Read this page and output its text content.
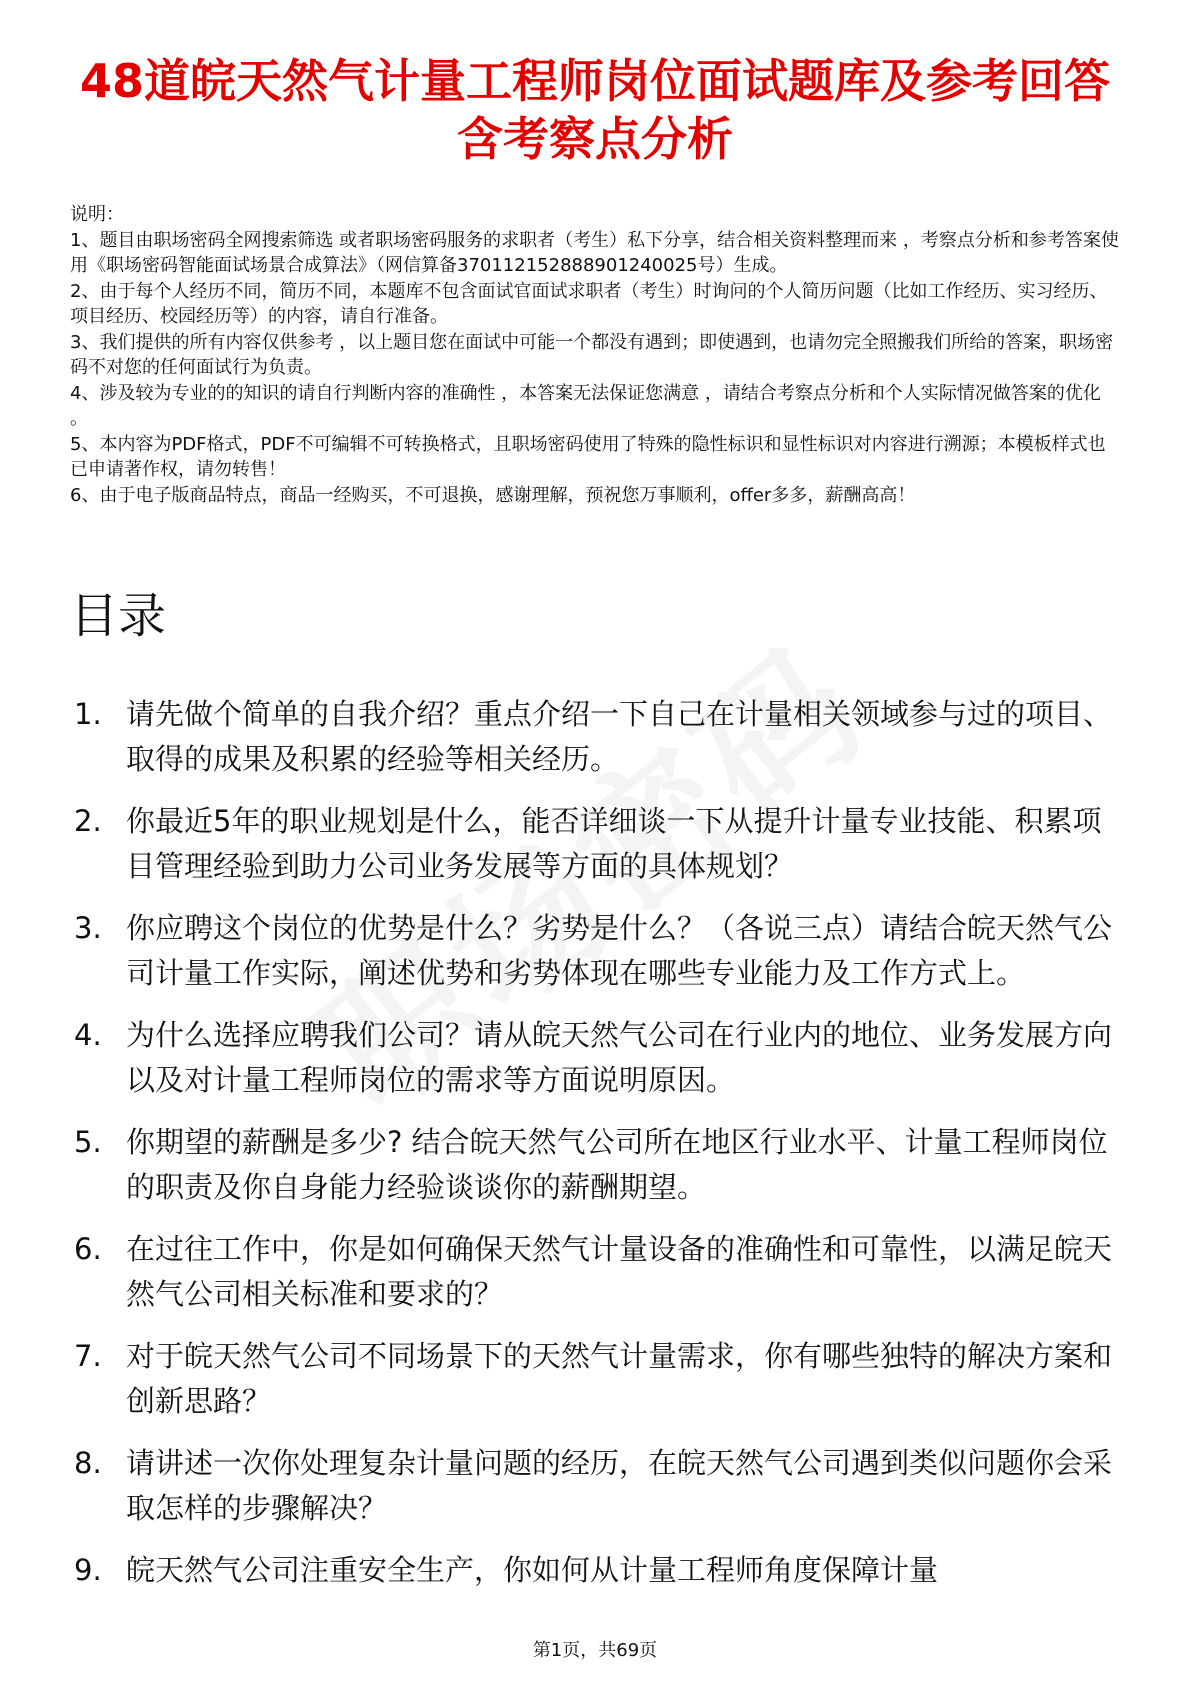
48道皖天然气计量工程师岗位面试题库及参考回答含考察点分析
说明：
1、题目由职场密码全网搜索筛选 或者职场密码服务的求职者（考生）私下分享，结合相关资料整理而来 ，考察点分析和参考答案使用《职场密码智能面试场景合成算法》（网信算备370112152888901240025号）生成。
2、由于每个人经历不同，简历不同，本题库不包含面试官面试求职者（考生）时询问的个人简历问题（比如工作经历、实习经历、项目经历、校园经历等）的内容，请自行准备。
3、我们提供的所有内容仅供参考 ，以上题目您在面试中可能一个都没有遇到；即使遇到，也请勿完全照搬我们所给的答案，职场密码不对您的任何面试行为负责。
4、涉及较为专业的的知识的请自行判断内容的准确性 ，本答案无法保证您满意 ，请结合考察点分析和个人实际情况做答案的优化 。
5、本内容为PDF格式，PDF不可编辑不可转换格式，且职场密码使用了特殊的隐性标识和显性标识对内容进行溯源；本模板样式也已申请著作权，请勿转售！
6、由于电子版商品特点，商品一经购买，不可退换，感谢理解，预祝您万事顺利，offer多多，薪酬高高！
目录
1. 请先做个简单的自我介绍？重点介绍一下自己在计量相关领域参与过的项目、取得的成果及积累的经验等相关经历。
2. 你最近5年的职业规划是什么，能否详细谈一下从提升计量专业技能、积累项目管理经验到助力公司业务发展等方面的具体规划？
3. 你应聘这个岗位的优势是什么？劣势是什么？（各说三点）请结合皖天然气公司计量工作实际，阐述优势和劣势体现在哪些专业能力及工作方式上。
4. 为什么选择应聘我们公司？请从皖天然气公司在行业内的地位、业务发展方向以及对计量工程师岗位的需求等方面说明原因。
5. 你期望的薪酬是多少? 结合皖天然气公司所在地区行业水平、计量工程师岗位的职责及你自身能力经验谈谈你的薪酬期望。
6. 在过往工作中，你是如何确保天然气计量设备的准确性和可靠性，以满足皖天然气公司相关标准和要求的？
7. 对于皖天然气公司不同场景下的天然气计量需求，你有哪些独特的解决方案和创新思路？
8. 请讲述一次你处理复杂计量问题的经历，在皖天然气公司遇到类似问题你会采取怎样的步骤解决？
9. 皖天然气公司注重安全生产，你如何从计量工程师角度保障计量
第1页，共69页
